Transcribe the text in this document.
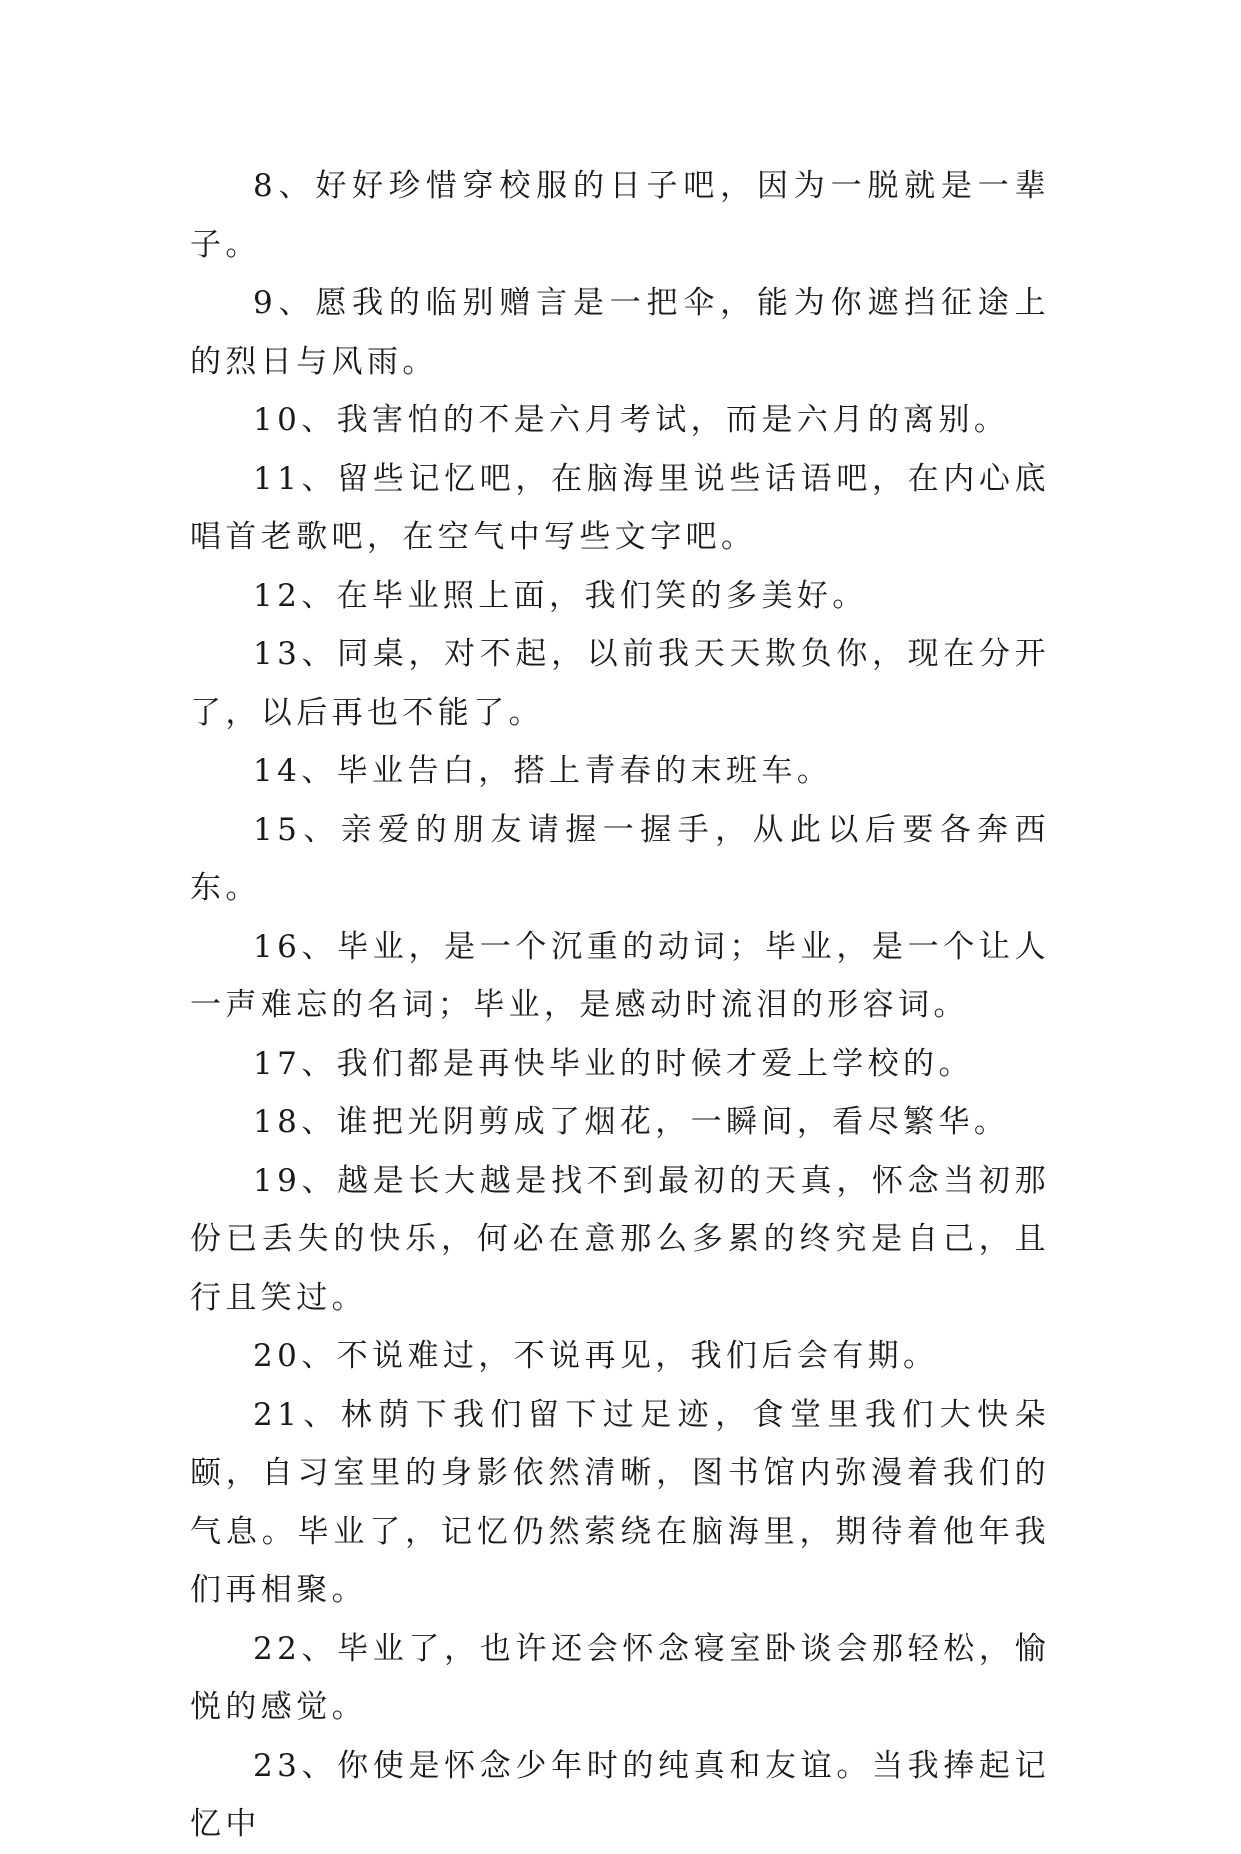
8、好好珍惜穿校服的日子吧，因为一脱就是一辈子。

9、愿我的临别赠言是一把伞，能为你遮挡征途上的烈日与风雨。

10、我害怕的不是六月考试，而是六月的离别。

11、留些记忆吧，在脑海里说些话语吧，在内心底唱首老歌吧，在空气中写些文字吧。

12、在毕业照上面，我们笑的多美好。

13、同桌，对不起，以前我天天欺负你，现在分开了，以后再也不能了。

14、毕业告白，搭上青春的末班车。

15、亲爱的朋友请握一握手，从此以后要各奔西东。

16、毕业，是一个沉重的动词；毕业，是一个让人一声难忘的名词；毕业，是感动时流泪的形容词。

17、我们都是再快毕业的时候才爱上学校的。

18、谁把光阴剪成了烟花，一瞬间，看尽繁华。

19、越是长大越是找不到最初的天真，怀念当初那份已丢失的快乐，何必在意那么多累的终究是自己，且行且笑过。

20、不说难过，不说再见，我们后会有期。

21、林荫下我们留下过足迹，食堂里我们大快朵颐，自习室里的身影依然清晰，图书馆内弥漫着我们的气息。毕业了，记忆仍然萦绕在脑海里，期待着他年我们再相聚。

22、毕业了，也许还会怀念寝室卧谈会那轻松，愉悦的感觉。

23、你使是怀念少年时的纯真和友谊。当我捧起记忆中
